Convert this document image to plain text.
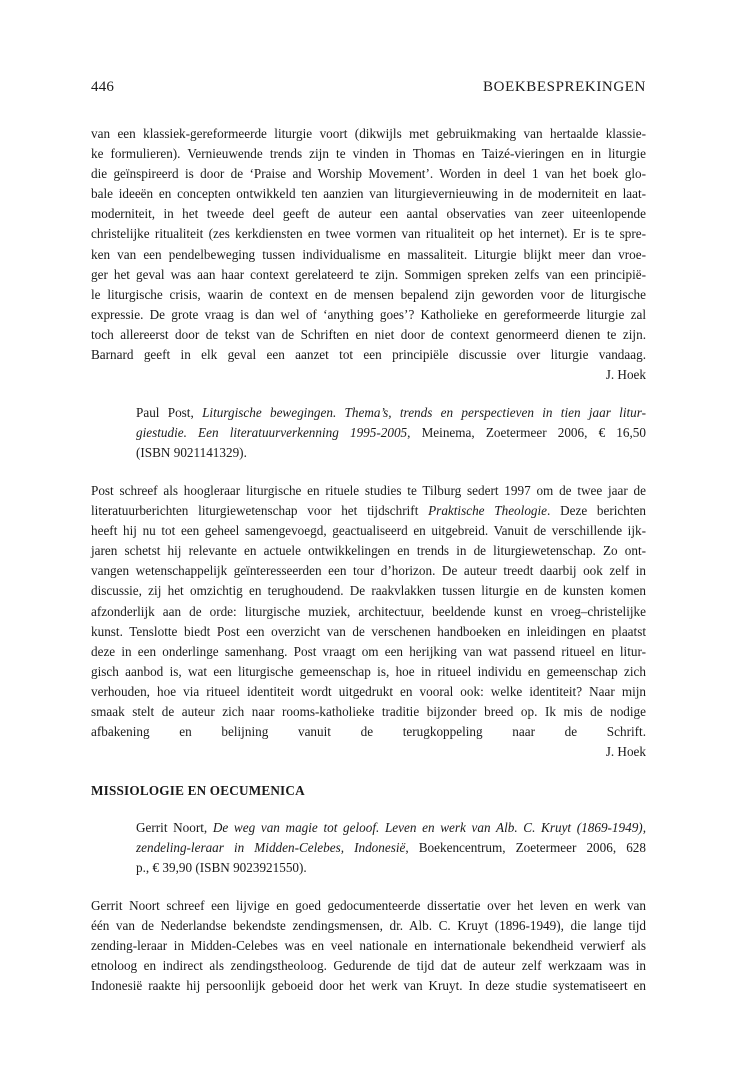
446	BOEKBESPREKINGEN
van een klassiek-gereformeerde liturgie voort (dikwijls met gebruikmaking van hertaalde klassie-
ke formulieren). Vernieuwende trends zijn te vinden in Thomas en Taizé-vieringen en in liturgie
die geïnspireerd is door de ‘Praise and Worship Movement’. Worden in deel 1 van het boek glo-
bale ideeën en concepten ontwikkeld ten aanzien van liturgievernieuwing in de moderniteit en laat-
moderniteit, in het tweede deel geeft de auteur een aantal observaties van zeer uiteenlopende
christelijke ritualiteit (zes kerkdiensten en twee vormen van ritualiteit op het internet). Er is te spre-
ken van een pendelbeweging tussen individualisme en massaliteit. Liturgie blijkt meer dan vroe-
ger het geval was aan haar context gerelateerd te zijn. Sommigen spreken zelfs van een principië-
le liturgische crisis, waarin de context en de mensen bepalend zijn geworden voor de liturgische
expressie. De grote vraag is dan wel of ‘anything goes’? Katholieke en gereformeerde liturgie zal
toch allereerst door de tekst van de Schriften en niet door de context genormeerd dienen te zijn.
Barnard geeft in elk geval een aanzet tot een principiële discussie over liturgie vandaag.
J. Hoek
Paul Post, Liturgische bewegingen. Thema’s, trends en perspectieven in tien jaar litur-
giestudie. Een literatuurverkenning 1995-2005, Meinema, Zoetermeer 2006, € 16,50
(ISBN 9021141329).
Post schreef als hoogleraar liturgische en rituele studies te Tilburg sedert 1997 om de twee jaar de
literatuurberichten liturgiewetenschap voor het tijdschrift Praktische Theologie. Deze berichten
heeft hij nu tot een geheel samengevoegd, geactualiseerd en uitgebreid. Vanuit de verschillende ijk-
jaren schetst hij relevante en actuele ontwikkelingen en trends in de liturgiewetenschap. Zo ont-
vangen wetenschappelijk geïnteresseerden een tour d’horizon. De auteur treedt daarbij ook zelf in
discussie, zij het omzichtig en terughoudend. De raakvlakken tussen liturgie en de kunsten komen
afzonderlijk aan de orde: liturgische muziek, architectuur, beeldende kunst en vroeg–christelijke
kunst. Tenslotte biedt Post een overzicht van de verschenen handboeken en inleidingen en plaatst
deze in een onderlinge samenhang. Post vraagt om een herijking van wat passend ritueel en litur-
gisch aanbod is, wat een liturgische gemeenschap is, hoe in ritueel individu en gemeenschap zich
verhouden, hoe via ritueel identiteit wordt uitgedrukt en vooral ook: welke identiteit? Naar mijn
smaak stelt de auteur zich naar rooms-katholieke traditie bijzonder breed op. Ik mis de nodige
afbakening en belijning vanuit de terugkoppeling naar de Schrift.
J. Hoek
MISSIOLOGIE EN OECUMENICA
Gerrit Noort, De weg van magie tot geloof. Leven en werk van Alb. C. Kruyt (1869-1949),
zendeling-leraar in Midden-Celebes, Indonesië, Boekencentrum, Zoetermeer 2006, 628
p., € 39,90 (ISBN 9023921550).
Gerrit Noort schreef een lijvige en goed gedocumenteerde dissertatie over het leven en werk van
één van de Nederlandse bekendste zendingsmensen, dr. Alb. C. Kruyt (1896-1949), die lange tijd
zending-leraar in Midden-Celebes was en veel nationale en internationale bekendheid verwierf als
etnoloog en indirect als zendingstheoloog. Gedurende de tijd dat de auteur zelf werkzaam was in
Indonesië raakte hij persoonlijk geboeid door het werk van Kruyt. In deze studie systematiseert en
